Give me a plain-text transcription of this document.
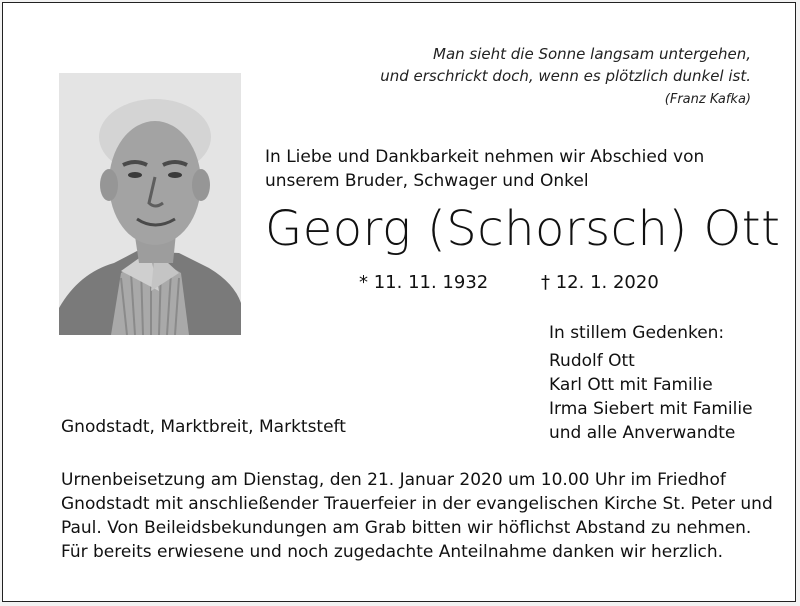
Man sieht die Sonne langsam untergehen,
und erschrickt doch, wenn es plötzlich dunkel ist.
(Franz Kafka)
In Liebe und Dankbarkeit nehmen wir Abschied von
unserem Bruder, Schwager und Onkel
Georg (Schorsch) Ott
* 11. 11. 1932	† 12. 1. 2020
In stillem Gedenken:
Rudolf Ott
Karl Ott mit Familie
Irma Siebert mit Familie
und alle Anverwandte
Gnodstadt, Marktbreit, Marktsteft
Urnenbeisetzung am Dienstag, den 21. Januar 2020 um 10.00 Uhr im Friedhof
Gnodstadt mit anschließender Trauerfeier in der evangelischen Kirche St. Peter und
Paul. Von Beileidsbekundungen am Grab bitten wir höflichst Abstand zu nehmen.
Für bereits erwiesene und noch zugedachte Anteilnahme danken wir herzlich.
